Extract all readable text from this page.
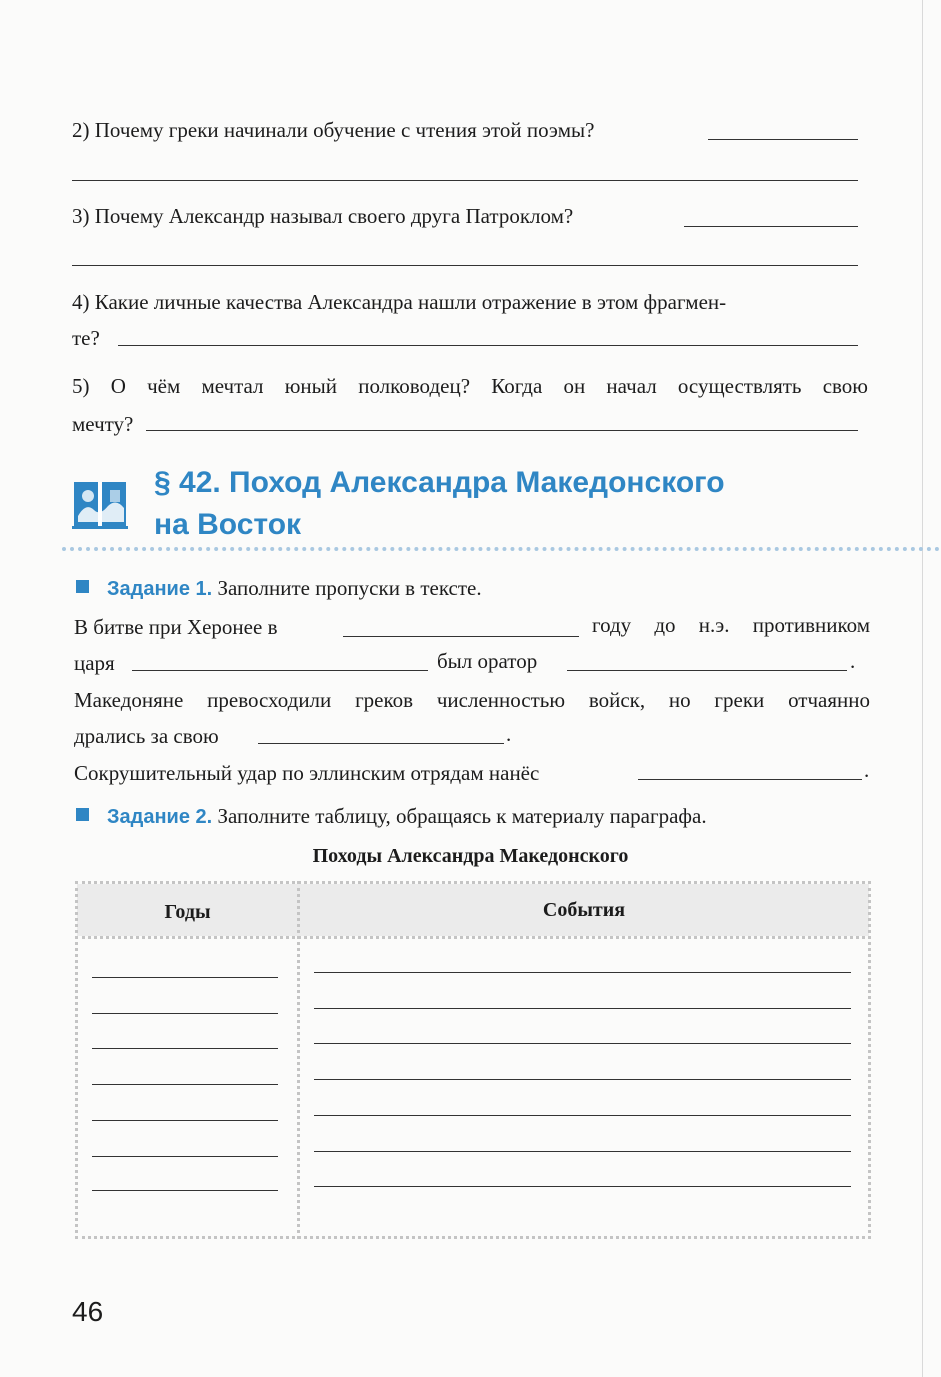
2) Почему греки начинали обучение с чтения этой поэмы?
3) Почему Александр называл своего друга Патроклом?
4) Какие личные качества Александра нашли отражение в этом фрагмен-
те?
5) О чём мечтал юный полководец? Когда он начал осуществлять свою
мечту?
§ 42. Поход Александра Македонского
на Восток
Задание 1. Заполните пропуски в тексте.
В битве при Херонее в	году до н.э. противником
царя	был оратор	.
Македоняне превосходили греков численностью войск, но греки отчаянно
дрались за свою	.
Сокрушительный удар по эллинским отрядам нанёс	.
Задание 2. Заполните таблицу, обращаясь к материалу параграфа.
Походы Александра Македонского
Годы	События
46
